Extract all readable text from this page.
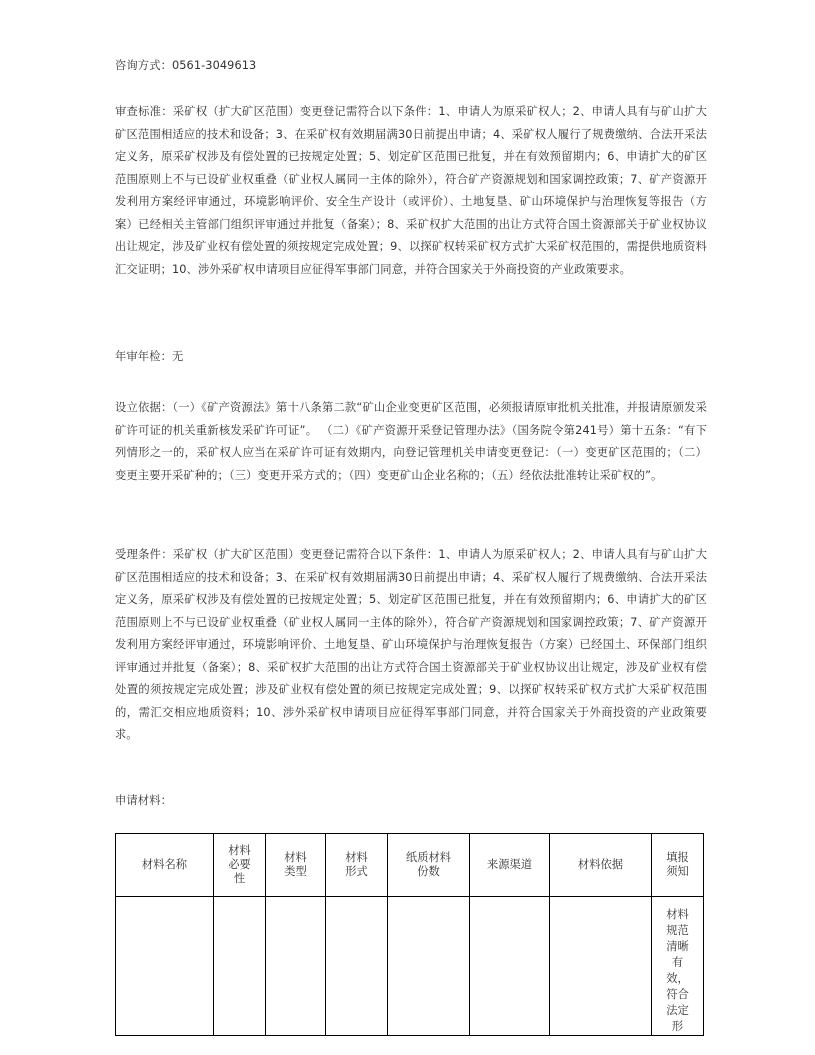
咨询方式：0561-3049613

审查标准：采矿权（扩大矿区范围）变更登记需符合以下条件：1、申请人为原采矿权人；2、申请人具有与矿山扩大矿区范围相适应的技术和设备；3、在采矿权有效期届满30日前提出申请；4、采矿权人履行了规费缴纳、合法开采法定义务，原采矿权涉及有偿处置的已按规定处置；5、划定矿区范围已批复，并在有效预留期内；6、申请扩大的矿区范围原则上不与已设矿业权重叠（矿业权人属同一主体的除外），符合矿产资源规划和国家调控政策；7、矿产资源开发利用方案经评审通过，环境影响评价、安全生产设计（或评价）、土地复垦、矿山环境保护与治理恢复等报告（方案）已经相关主管部门组织评审通过并批复（备案）；8、采矿权扩大范围的出让方式符合国土资源部关于矿业权协议出让规定，涉及矿业权有偿处置的须按规定完成处置；9、以探矿权转采矿权方式扩大采矿权范围的，需提供地质资料汇交证明；10、涉外采矿权申请项目应征得军事部门同意，并符合国家关于外商投资的产业政策要求。

年审年检：无

设立依据：（一）《矿产资源法》第十八条第二款“矿山企业变更矿区范围，必须报请原审批机关批准，并报请原颁发采矿许可证的机关重新核发采矿许可证”。 （二）《矿产资源开采登记管理办法》（国务院令第241号）第十五条：“有下列情形之一的，采矿权人应当在采矿许可证有效期内，向登记管理机关申请变更登记：（一）变更矿区范围的；（二）变更主要开采矿种的；（三）变更开采方式的；（四）变更矿山企业名称的；（五）经依法批准转让采矿权的”。

受理条件：采矿权（扩大矿区范围）变更登记需符合以下条件：1、申请人为原采矿权人；2、申请人具有与矿山扩大矿区范围相适应的技术和设备；3、在采矿权有效期届满30日前提出申请；4、采矿权人履行了规费缴纳、合法开采法定义务，原采矿权涉及有偿处置的已按规定处置；5、划定矿区范围已批复，并在有效预留期内；6、申请扩大的矿区范围原则上不与已设矿业权重叠（矿业权人属同一主体的除外），符合矿产资源规划和国家调控政策；7、矿产资源开发利用方案经评审通过，环境影响评价、土地复垦、矿山环境保护与治理恢复报告（方案）已经国土、环保部门组织评审通过并批复（备案）；8、采矿权扩大范围的出让方式符合国土资源部关于矿业权协议出让规定，涉及矿业权有偿处置的须按规定完成处置；涉及矿业权有偿处置的须已按规定完成处置；9、以探矿权转采矿权方式扩大采矿权范围的，需汇交相应地质资料；10、涉外采矿权申请项目应征得军事部门同意，并符合国家关于外商投资的产业政策要求。

申请材料：

材料名称	材料必要性	材料类型	材料形式	纸质材料份数	来源渠道	材料依据	填报须知

							材料规范清晰有效，符合法定形
